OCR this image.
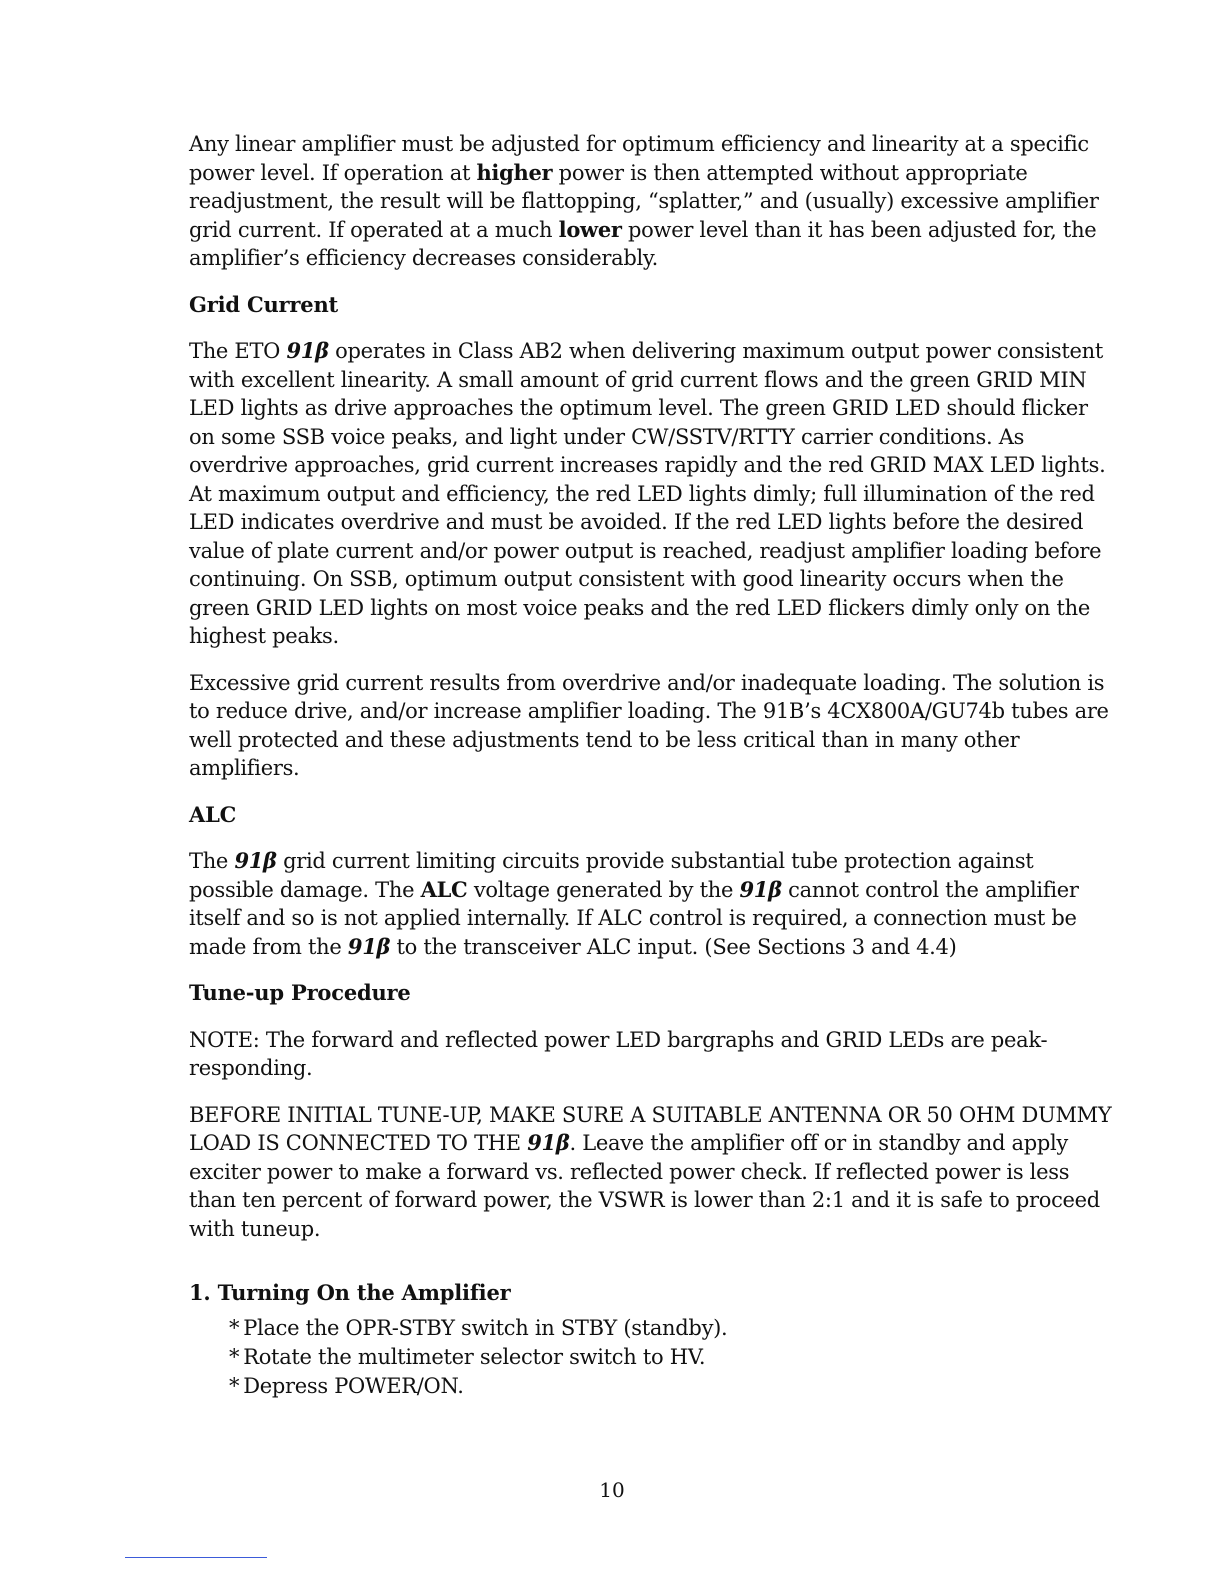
Any linear amplifier must be adjusted for optimum efficiency and linearity at a specific power level. If operation at higher power is then attempted without appropriate readjustment, the result will be flattopping, “splatter,” and (usually) excessive amplifier grid current. If operated at a much lower power level than it has been adjusted for, the amplifier’s efficiency decreases considerably.

Grid Current

The ETO 91β operates in Class AB2 when delivering maximum output power consistent with excellent linearity. A small amount of grid current flows and the green GRID MIN LED lights as drive approaches the optimum level. The green GRID LED should flicker on some SSB voice peaks, and light under CW/SSTV/RTTY carrier conditions. As overdrive approaches, grid current increases rapidly and the red GRID MAX LED lights. At maximum output and efficiency, the red LED lights dimly; full illumination of the red LED indicates overdrive and must be avoided. If the red LED lights before the desired value of plate current and/or power output is reached, readjust amplifier loading before continuing. On SSB, optimum output consistent with good linearity occurs when the green GRID LED lights on most voice peaks and the red LED flickers dimly only on the highest peaks.

Excessive grid current results from overdrive and/or inadequate loading. The solution is to reduce drive, and/or increase amplifier loading. The 91B’s 4CX800A/GU74b tubes are well protected and these adjustments tend to be less critical than in many other amplifiers.

ALC

The 91β grid current limiting circuits provide substantial tube protection against possible damage. The ALC voltage generated by the 91β cannot control the amplifier itself and so is not applied internally. If ALC control is required, a connection must be made from the 91β to the transceiver ALC input. (See Sections 3 and 4.4)

Tune-up Procedure

NOTE: The forward and reflected power LED bargraphs and GRID LEDs are peak-responding.

BEFORE INITIAL TUNE-UP, MAKE SURE A SUITABLE ANTENNA OR 50 OHM DUMMY LOAD IS CONNECTED TO THE 91β. Leave the amplifier off or in standby and apply exciter power to make a forward vs. reflected power check. If reflected power is less than ten percent of forward power, the VSWR is lower than 2:1 and it is safe to proceed with tuneup.

1. Turning On the Amplifier
* Place the OPR-STBY switch in STBY (standby).
* Rotate the multimeter selector switch to HV.
* Depress POWER/ON.
10
